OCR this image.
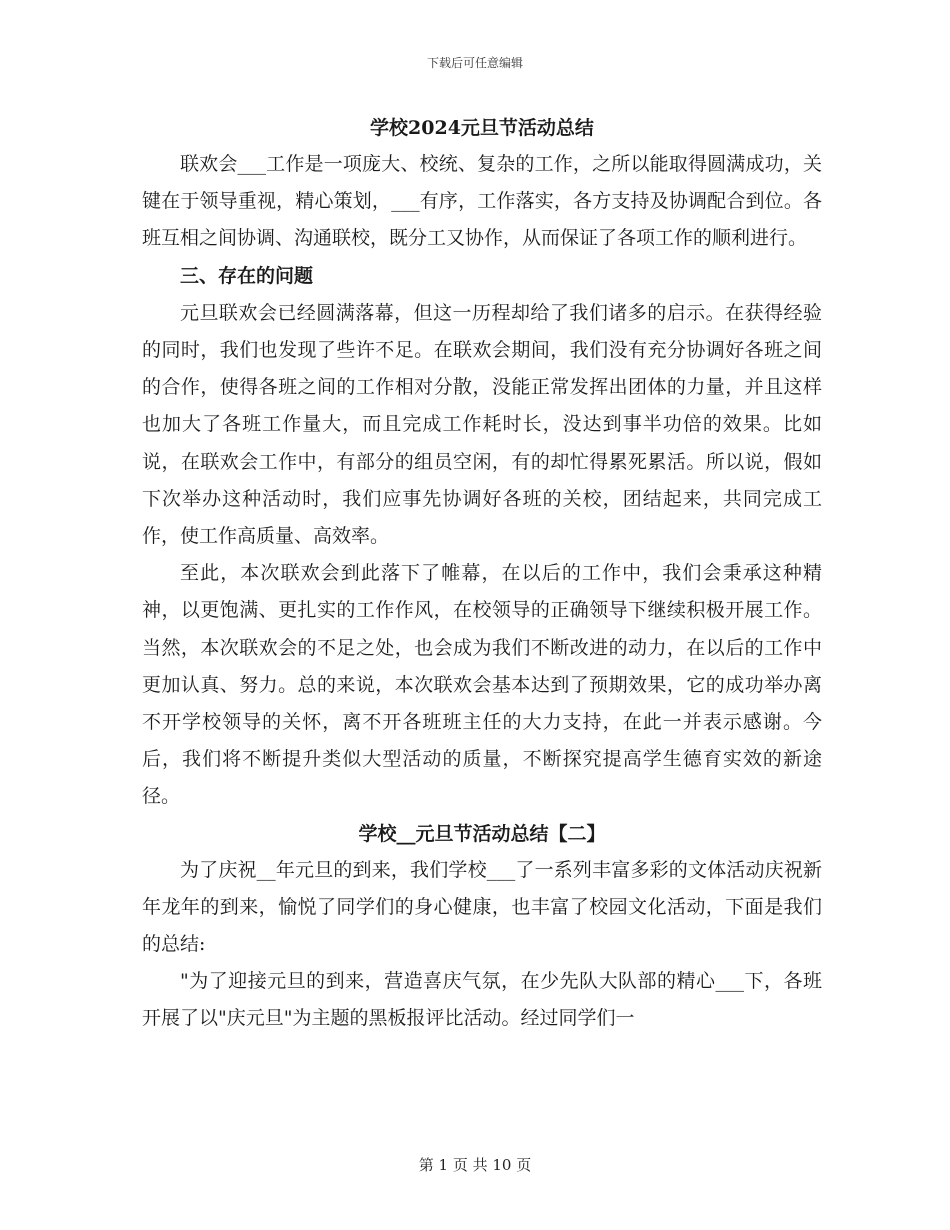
下载后可任意编辑
学校2024元旦节活动总结

联欢会___工作是一项庞大、校统、复杂的工作，之所以能取得圆满成功，关键在于领导重视，精心策划，___有序，工作落实，各方支持及协调配合到位。各班互相之间协调、沟通联校，既分工又协作，从而保证了各项工作的顺利进行。

三、存在的问题

元旦联欢会已经圆满落幕，但这一历程却给了我们诸多的启示。在获得经验的同时，我们也发现了些许不足。在联欢会期间，我们没有充分协调好各班之间的合作，使得各班之间的工作相对分散，没能正常发挥出团体的力量，并且这样也加大了各班工作量大，而且完成工作耗时长，没达到事半功倍的效果。比如说，在联欢会工作中，有部分的组员空闲，有的却忙得累死累活。所以说，假如下次举办这种活动时，我们应事先协调好各班的关校，团结起来，共同完成工作，使工作高质量、高效率。

至此，本次联欢会到此落下了帷幕，在以后的工作中，我们会秉承这种精神，以更饱满、更扎实的工作作风，在校领导的正确领导下继续积极开展工作。当然，本次联欢会的不足之处，也会成为我们不断改进的动力，在以后的工作中更加认真、努力。总的来说，本次联欢会基本达到了预期效果，它的成功举办离不开学校领导的关怀，离不开各班班主任的大力支持，在此一并表示感谢。今后，我们将不断提升类似大型活动的质量，不断探究提高学生德育实效的新途径。

学校__元旦节活动总结【二】

为了庆祝__年元旦的到来，我们学校___了一系列丰富多彩的文体活动庆祝新年龙年的到来，愉悦了同学们的身心健康，也丰富了校园文化活动，下面是我们的总结:

"为了迎接元旦的到来，营造喜庆气氛，在少先队大队部的精心___下，各班开展了以"庆元旦"为主题的黑板报评比活动。经过同学们一

第 1 页 共 10 页
